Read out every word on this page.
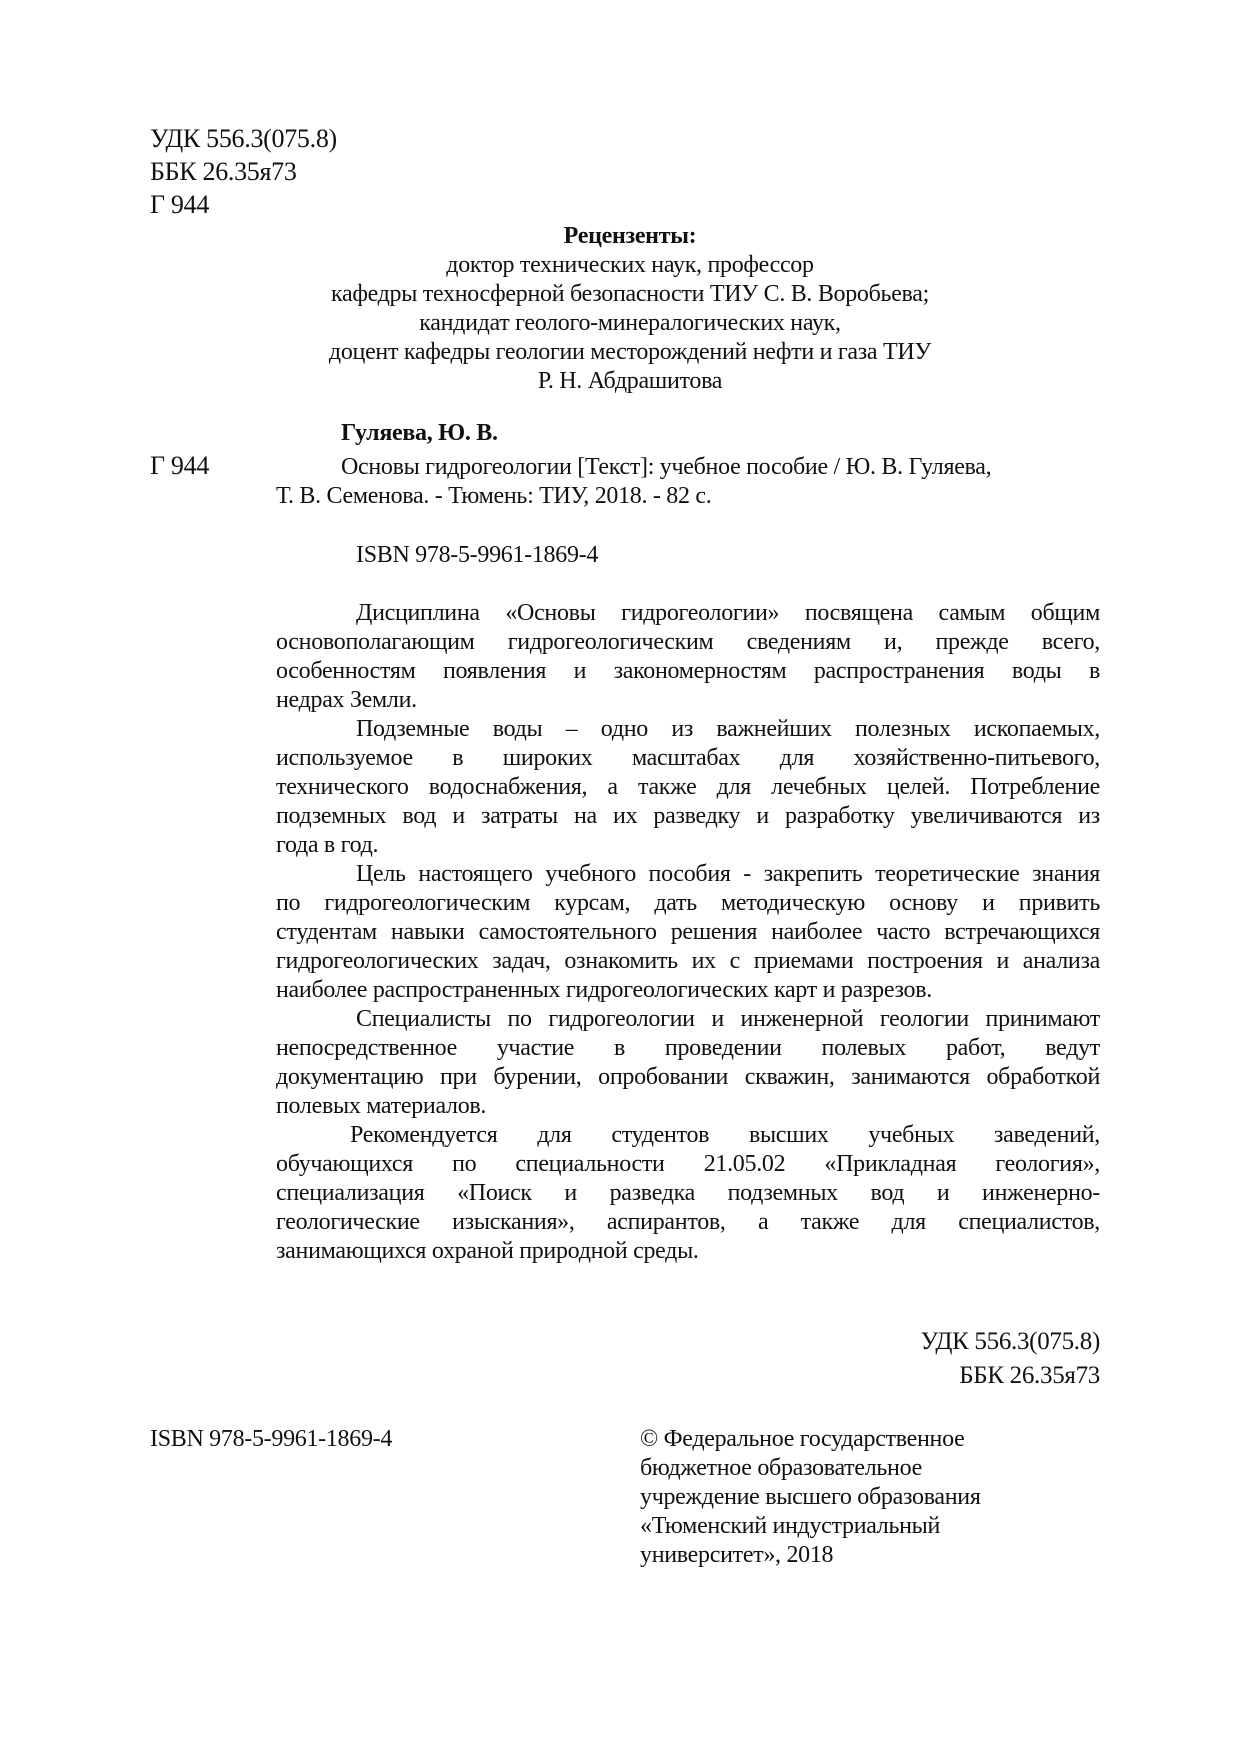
УДК 556.3(075.8)
ББК 26.35я73
Г 944
Рецензенты:
доктор технических наук, профессор
кафедры техносферной безопасности ТИУ С. В. Воробьева;
кандидат геолого-минералогических наук,
доцент кафедры геологии месторождений нефти и газа ТИУ
Р. Н. Абдрашитова
Гуляева, Ю. В.
Г 944	Основы гидрогеологии [Текст]: учебное пособие / Ю. В. Гуляева,
Т. В. Семенова. - Тюмень: ТИУ, 2018. - 82 с.
ISBN 978-5-9961-1869-4
Дисциплина «Основы гидрогеологии» посвящена самым общим
основополагающим гидрогеологическим сведениям и, прежде всего,
особенностям появления и закономерностям распространения воды в
недрах Земли.
Подземные воды – одно из важнейших полезных ископаемых,
используемое в широких масштабах для хозяйственно-питьевого,
технического водоснабжения, а также для лечебных целей. Потребление
подземных вод и затраты на их разведку и разработку увеличиваются из
года в год.
Цель настоящего учебного пособия - закрепить теоретические знания
по гидрогеологическим курсам, дать методическую основу и привить
студентам навыки самостоятельного решения наиболее часто встречающихся
гидрогеологических задач, ознакомить их с приемами построения и анализа
наиболее распространенных гидрогеологических карт и разрезов.
Специалисты по гидрогеологии и инженерной геологии принимают
непосредственное участие в проведении полевых работ, ведут
документацию при бурении, опробовании скважин, занимаются обработкой
полевых материалов.
Рекомендуется для студентов высших учебных заведений,
обучающихся по специальности 21.05.02 «Прикладная геология»,
специализация «Поиск и разведка подземных вод и инженерно-
геологические изыскания», аспирантов, а также для специалистов,
занимающихся охраной природной среды.
УДК 556.3(075.8)
ББК 26.35я73
ISBN 978-5-9961-1869-4	© Федеральное государственное
бюджетное образовательное
учреждение высшего образования
«Тюменский индустриальный
университет», 2018
